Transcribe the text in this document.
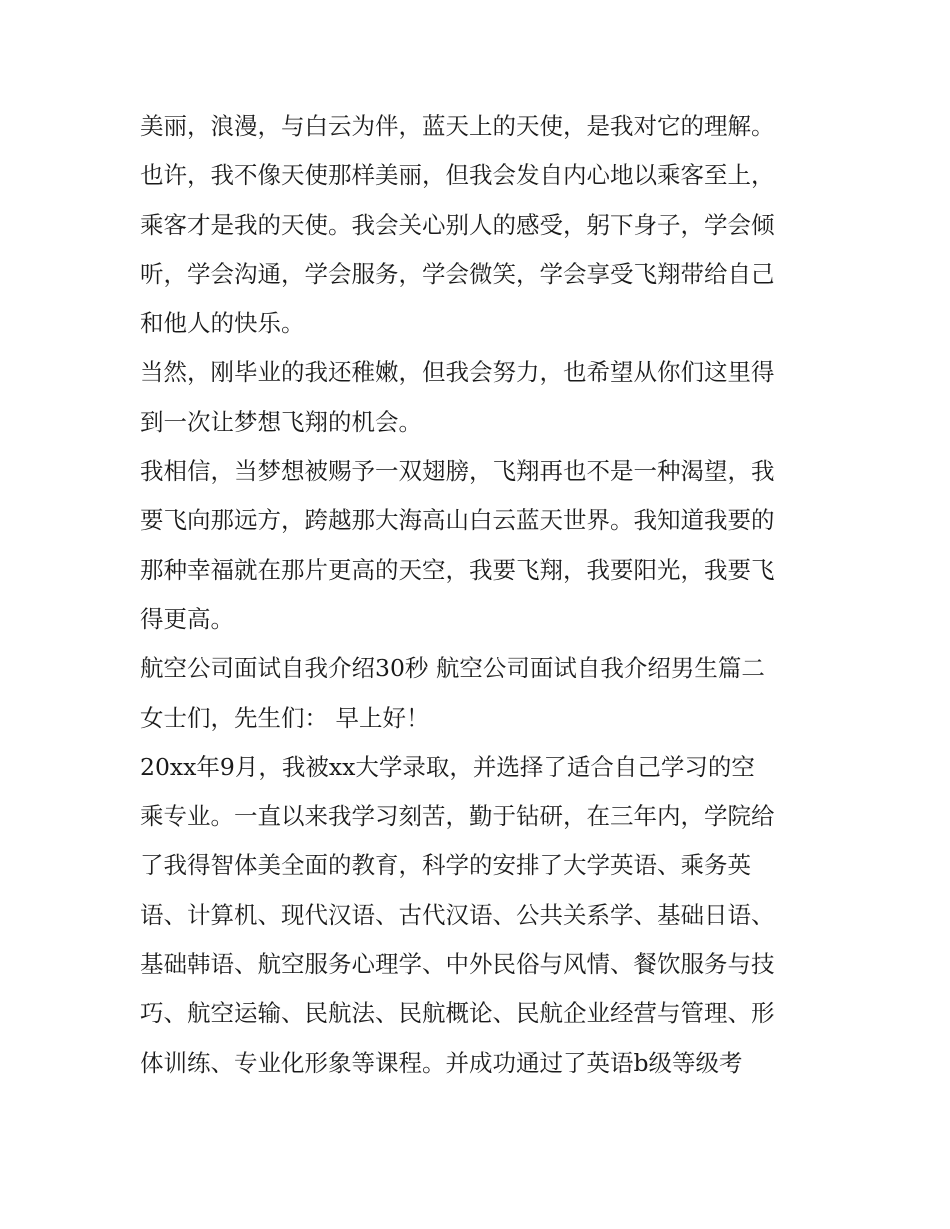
美丽，浪漫，与白云为伴，蓝天上的天使，是我对它的理解。
也许，我不像天使那样美丽，但我会发自内心地以乘客至上，
乘客才是我的天使。我会关心别人的感受，躬下身子，学会倾
听，学会沟通，学会服务，学会微笑，学会享受飞翔带给自己
和他人的快乐。
当然，刚毕业的我还稚嫩，但我会努力，也希望从你们这里得
到一次让梦想飞翔的机会。
我相信，当梦想被赐予一双翅膀，飞翔再也不是一种渴望，我
要飞向那远方，跨越那大海高山白云蓝天世界。我知道我要的
那种幸福就在那片更高的天空，我要飞翔，我要阳光，我要飞
得更高。
航空公司面试自我介绍30秒 航空公司面试自我介绍男生篇二
女士们，先生们： 早上好！
20xx年9月，我被xx大学录取，并选择了适合自己学习的空
乘专业。一直以来我学习刻苦，勤于钻研，在三年内，学院给
了我得智体美全面的教育，科学的安排了大学英语、乘务英
语、计算机、现代汉语、古代汉语、公共关系学、基础日语、
基础韩语、航空服务心理学、中外民俗与风情、餐饮服务与技
巧、航空运输、民航法、民航概论、民航企业经营与管理、形
体训练、专业化形象等课程。并成功通过了英语b级等级考
